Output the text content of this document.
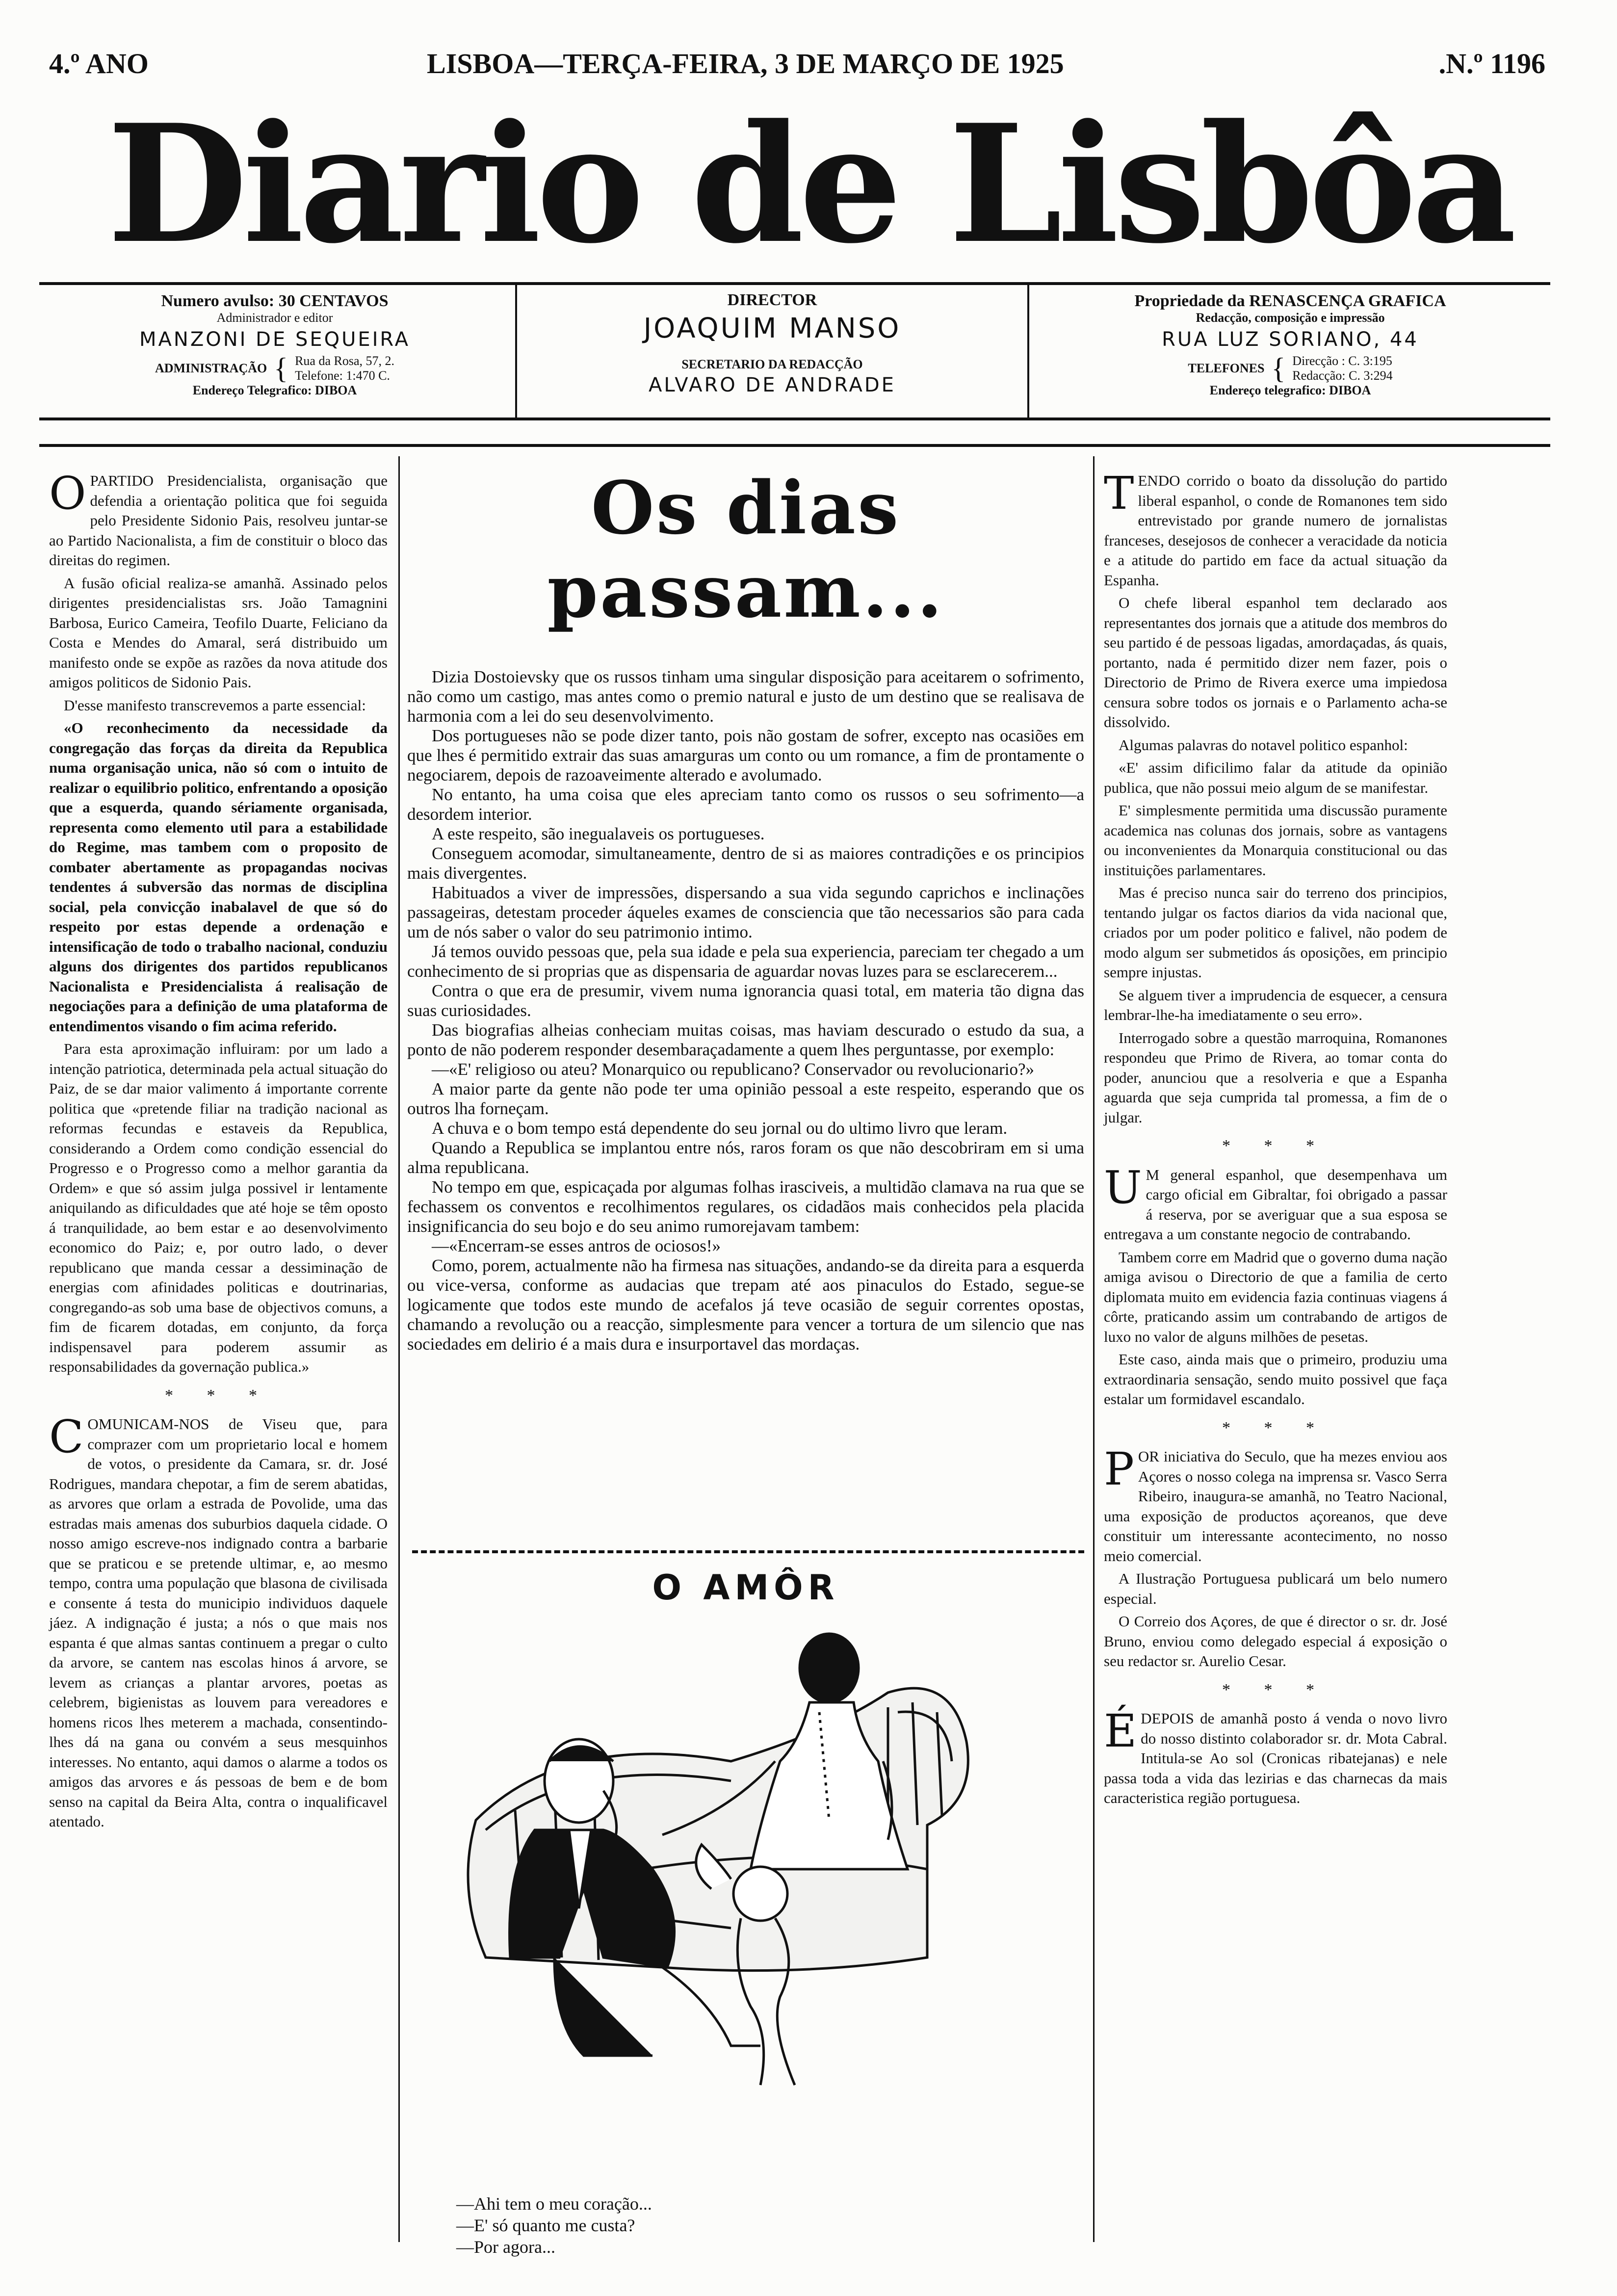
4.º ANO	LISBOA—TERÇA-FEIRA, 3 DE MARÇO DE 1925	.N.º 1196
Diario de Lisbôa
Numero avulso: 30 CENTAVOS
Administrador e editor
MANZONI DE SEQUEIRA
ADMINISTRAÇÃO { Rua da Rosa, 57, 2.
Telefone: 1:470 C.
Endereço Telegrafico: DIBOA
DIRECTOR
JOAQUIM MANSO
SECRETARIO DA REDACÇÃO
ALVARO DE ANDRADE
Propriedade da RENASCENÇA GRAFICA
Redacção, composição e impressão
RUA LUZ SORIANO, 44
TELEFONES { Direcção : C. 3:195
Redacção: C. 3:294
Endereço telegrafico: DIBOA

OPARTIDO Presidencialista, organisação que defendia a orientação politica que foi seguida pelo Presidente Sidonio Pais, resolveu juntar-se ao Partido Nacionalista, a fim de constituir o bloco das direitas do regimen.

A fusão oficial realiza-se amanhã. Assinado pelos dirigentes presidencialistas srs. João Tamagnini Barbosa, Eurico Cameira, Teofilo Duarte, Feliciano da Costa e Mendes do Amaral, será distribuido um manifesto onde se expõe as razões da nova atitude dos amigos politicos de Sidonio Pais.

D'esse manifesto transcrevemos a parte essencial:

«O reconhecimento da necessidade da congregação das forças da direita da Republica numa organisação unica, não só com o intuito de realizar o equilibrio politico, enfrentando a oposição que a esquerda, quando sériamente organisada, representa como elemento util para a estabilidade do Regime, mas tambem com o proposito de combater abertamente as propagandas nocivas tendentes á subversão das normas de disciplina social, pela convicção inabalavel de que só do respeito por estas depende a ordenação e intensificação de todo o trabalho nacional, conduziu alguns dos dirigentes dos partidos republicanos Nacionalista e Presidencialista á realisação de negociações para a definição de uma plataforma de entendimentos visando o fim acima referido.

Para esta aproximação influiram: por um lado a intenção patriotica, determinada pela actual situação do Paiz, de se dar maior valimento á importante corrente politica que «pretende filiar na tradição nacional as reformas fecundas e estaveis da Republica, considerando a Ordem como condição essencial do Progresso e o Progresso como a melhor garantia da Ordem» e que só assim julga possivel ir lentamente aniquilando as dificuldades que até hoje se têm oposto á tranquilidade, ao bem estar e ao desenvolvimento economico do Paiz; e, por outro lado, o dever republicano que manda cessar a dessiminação de energias com afinidades politicas e doutrinarias, congregando-as sob uma base de objectivos comuns, a fim de ficarem dotadas, em conjunto, da força indispensavel para poderem assumir as responsabilidades da governação publica.»

* * *

COMUNICAM-NOS de Viseu que, para comprazer com um proprietario local e homem de votos, o presidente da Camara, sr. dr. José Rodrigues, mandara chepotar, a fim de serem abatidas, as arvores que orlam a estrada de Povolide, uma das estradas mais amenas dos suburbios daquela cidade. O nosso amigo escreve-nos indignado contra a barbarie que se praticou e se pretende ultimar, e, ao mesmo tempo, contra uma população que blasona de civilisada e consente á testa do municipio individuos daquele jáez. A indignação é justa; a nós o que mais nos espanta é que almas santas continuem a pregar o culto da arvore, se cantem nas escolas hinos á arvore, se levem as crianças a plantar arvores, poetas as celebrem, bigienistas as louvem para vereadores e homens ricos lhes meterem a machada, consentindo-lhes dá na gana ou convém a seus mesquinhos interesses. No entanto, aqui damos o alarme a todos os amigos das arvores e ás pessoas de bem e de bom senso na capital da Beira Alta, contra o inqualificavel atentado.

Os dias passam...

Dizia Dostoievsky que os russos tinham uma singular disposição para aceitarem o sofrimento, não como um castigo, mas antes como o premio natural e justo de um destino que se realisava de harmonia com a lei do seu desenvolvimento.

Dos portugueses não se pode dizer tanto, pois não gostam de sofrer, excepto nas ocasiões em que lhes é permitido extrair das suas amarguras um conto ou um romance, a fim de prontamente o negociarem, depois de razoaveimente alterado e avolumado.

No entanto, ha uma coisa que eles apreciam tanto como os russos o seu sofrimento—a desordem interior.

A este respeito, são inegualaveis os portugueses.

Conseguem acomodar, simultaneamente, dentro de si as maiores contradições e os principios mais divergentes.

Habituados a viver de impressões, dispersando a sua vida segundo caprichos e inclinações passageiras, detestam proceder áqueles exames de consciencia que tão necessarios são para cada um de nós saber o valor do seu patrimonio intimo.

Já temos ouvido pessoas que, pela sua idade e pela sua experiencia, pareciam ter chegado a um conhecimento de si proprias que as dispensaria de aguardar novas luzes para se esclarecerem...

Contra o que era de presumir, vivem numa ignorancia quasi total, em materia tão digna das suas curiosidades.

Das biografias alheias conheciam muitas coisas, mas haviam descurado o estudo da sua, a ponto de não poderem responder desembaraçadamente a quem lhes perguntasse, por exemplo:

—«E' religioso ou ateu? Monarquico ou republicano? Conservador ou revolucionario?»

A maior parte da gente não pode ter uma opinião pessoal a este respeito, esperando que os outros lha forneçam.

A chuva e o bom tempo está dependente do seu jornal ou do ultimo livro que leram.

Quando a Republica se implantou entre nós, raros foram os que não descobriram em si uma alma republicana.

No tempo em que, espicaçada por algumas folhas irasciveis, a multidão clamava na rua que se fechassem os conventos e recolhimentos regulares, os cidadãos mais conhecidos pela placida insignificancia do seu bojo e do seu animo rumorejavam tambem:

—«Encerram-se esses antros de ociosos!»

Como, porem, actualmente não ha firmesa nas situações, andando-se da direita para a esquerda ou vice-versa, conforme as audacias que trepam até aos pinaculos do Estado, segue-se logicamente que todos este mundo de acefalos já teve ocasião de seguir correntes opostas, chamando a revolução ou a reacção, simplesmente para vencer a tortura de um silencio que nas sociedades em delirio é a mais dura e insurportavel das mordaças.

O AMÔR
—Ahi tem o meu coração...
—E' só quanto me custa?
—Por agora...

TENDO corrido o boato da dissolução do partido liberal espanhol, o conde de Romanones tem sido entrevistado por grande numero de jornalistas franceses, desejosos de conhecer a veracidade da noticia e a atitude do partido em face da actual situação da Espanha.

O chefe liberal espanhol tem declarado aos representantes dos jornais que a atitude dos membros do seu partido é de pessoas ligadas, amordaçadas, ás quais, portanto, nada é permitido dizer nem fazer, pois o Directorio de Primo de Rivera exerce uma impiedosa censura sobre todos os jornais e o Parlamento acha-se dissolvido.

Algumas palavras do notavel politico espanhol:

«E' assim dificilimo falar da atitude da opinião publica, que não possui meio algum de se manifestar.

E' simplesmente permitida uma discussão puramente academica nas colunas dos jornais, sobre as vantagens ou inconvenientes da Monarquia constitucional ou das instituições parlamentares.

Mas é preciso nunca sair do terreno dos principios, tentando julgar os factos diarios da vida nacional que, criados por um poder politico e falivel, não podem de modo algum ser submetidos ás oposições, em principio sempre injustas.

Se alguem tiver a imprudencia de esquecer, a censura lembrar-lhe-ha imediatamente o seu erro».

Interrogado sobre a questão marroquina, Romanones respondeu que Primo de Rivera, ao tomar conta do poder, anunciou que a resolveria e que a Espanha aguarda que seja cumprida tal promessa, a fim de o julgar.

* * *

U M general espanhol, que desempenhava um cargo oficial em Gibraltar, foi obrigado a passar á reserva, por se averiguar que a sua esposa se entregava a um constante negocio de contrabando.

Tambem corre em Madrid que o governo duma nação amiga avisou o Directorio de que a familia de certo diplomata muito em evidencia fazia continuas viagens á côrte, praticando assim um contrabando de artigos de luxo no valor de alguns milhões de pesetas.

Este caso, ainda mais que o primeiro, produziu uma extraordinaria sensação, sendo muito possivel que faça estalar um formidavel escandalo.

* * *

POR iniciativa do Seculo, que ha mezes enviou aos Açores o nosso colega na imprensa sr. Vasco Serra Ribeiro, inaugura-se amanhã, no Teatro Nacional, uma exposição de productos açoreanos, que deve constituir um interessante acontecimento, no nosso meio comercial.

A Ilustração Portuguesa publicará um belo numero especial.

O Correio dos Açores, de que é director o sr. dr. José Bruno, enviou como delegado especial á exposição o seu redactor sr. Aurelio Cesar.

* * *

ÉDEPOIS de amanhã posto á venda o novo livro do nosso distinto colaborador sr. dr. Mota Cabral. Intitula-se Ao sol (Cronicas ribatejanas) e nele passa toda a vida das lezirias e das charnecas da mais caracteristica região portuguesa.
